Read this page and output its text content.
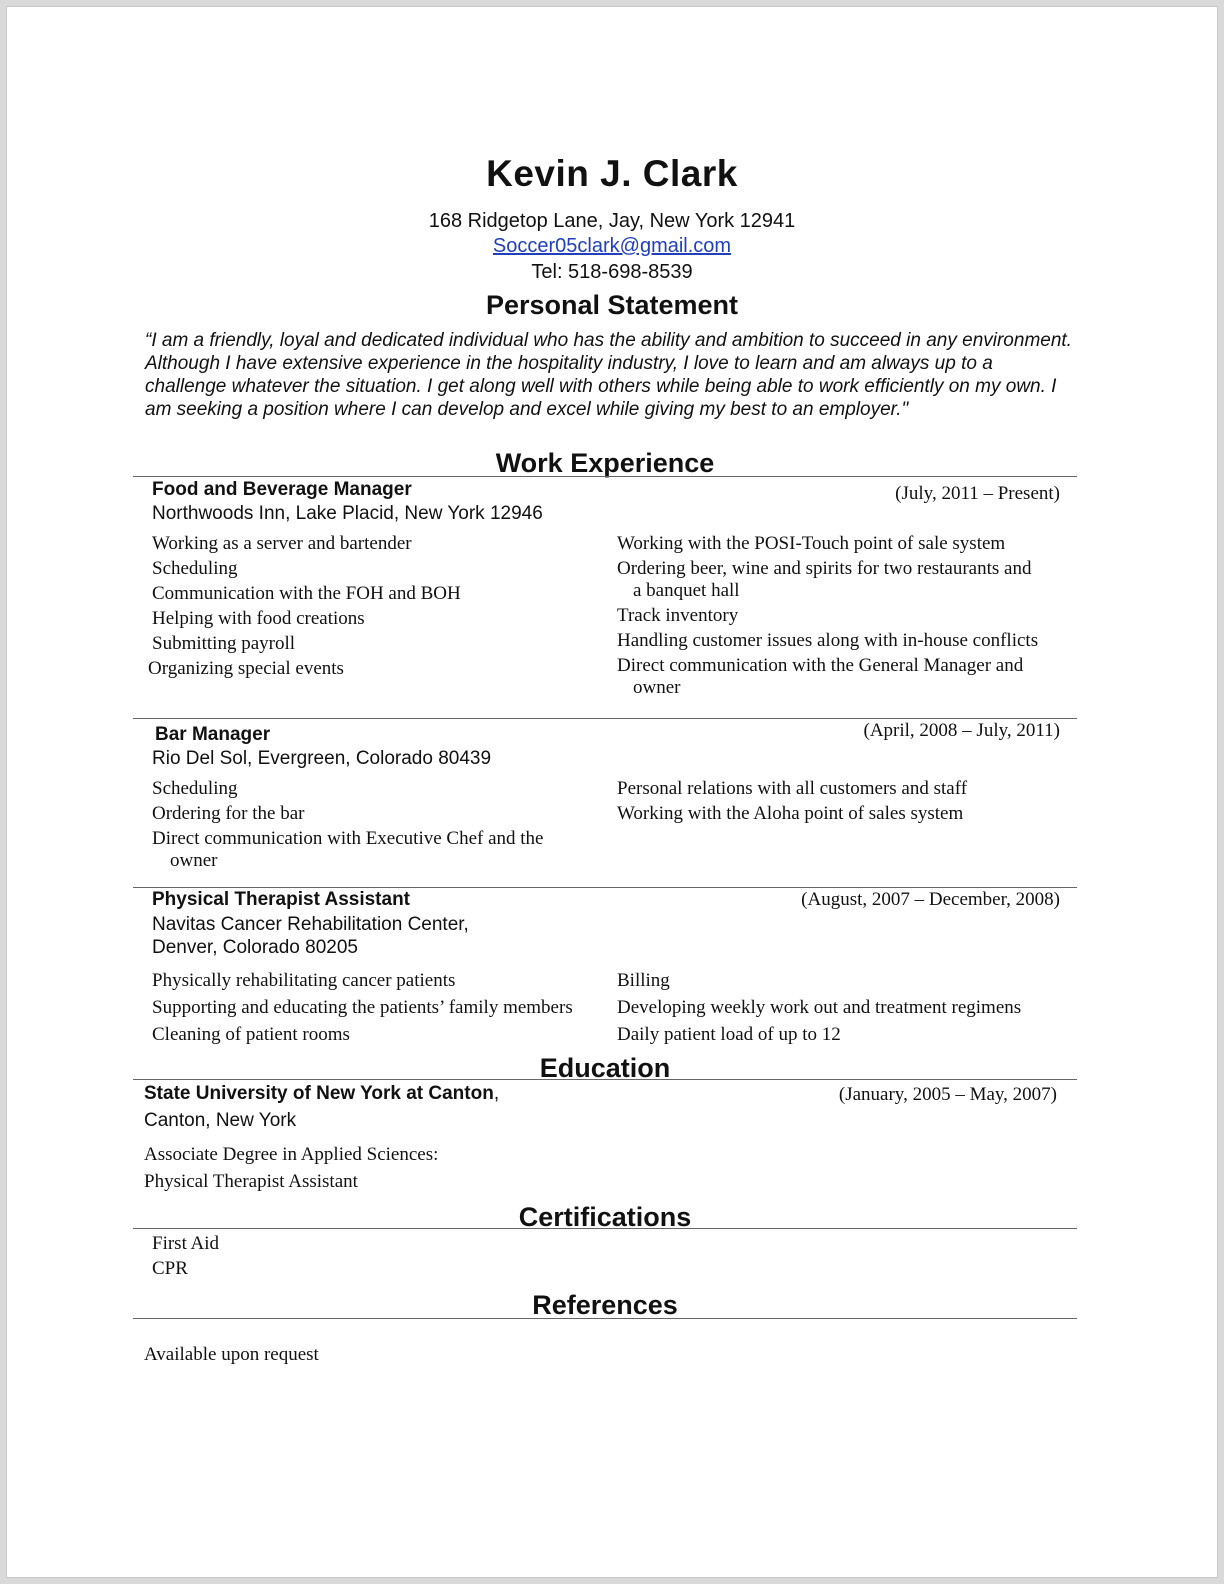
Kevin J. Clark
168 Ridgetop Lane, Jay, New York 12941
Soccer05clark@gmail.com
Tel: 518-698-8539
Personal Statement
“I am a friendly, loyal and dedicated individual who has the ability and ambition to succeed in any environment. Although I have extensive experience in the hospitality industry, I love to learn and am always up to a challenge whatever the situation. I get along well with others while being able to work efficiently on my own. I am seeking a position where I can develop and excel while giving my best to an employer."
Work Experience
Food and Beverage Manager	(July, 2011 – Present)
Northwoods Inn, Lake Placid, New York 12946
Working as a server and bartender
Scheduling
Communication with the FOH and BOH
Helping with food creations
Submitting payroll
Organizing special events
Working with the POSI-Touch point of sale system
Ordering beer, wine and spirits for two restaurants and
a banquet hall
Track inventory
Handling customer issues along with in-house conflicts
Direct communication with the General Manager and
owner
Bar Manager	(April, 2008 – July, 2011)
Rio Del Sol, Evergreen, Colorado 80439
Scheduling
Ordering for the bar
Direct communication with Executive Chef and the
owner
Personal relations with all customers and staff
Working with the Aloha point of sales system
Physical Therapist Assistant	(August, 2007 – December, 2008)
Navitas Cancer Rehabilitation Center,
Denver, Colorado 80205
Physically rehabilitating cancer patients
Supporting and educating the patients’ family members
Cleaning of patient rooms
Billing
Developing weekly work out and treatment regimens
Daily patient load of up to 12
Education
State University of New York at Canton,	(January, 2005 – May, 2007)
Canton, New York
Associate Degree in Applied Sciences:
Physical Therapist Assistant
Certifications
First Aid
CPR
References
Available upon request
